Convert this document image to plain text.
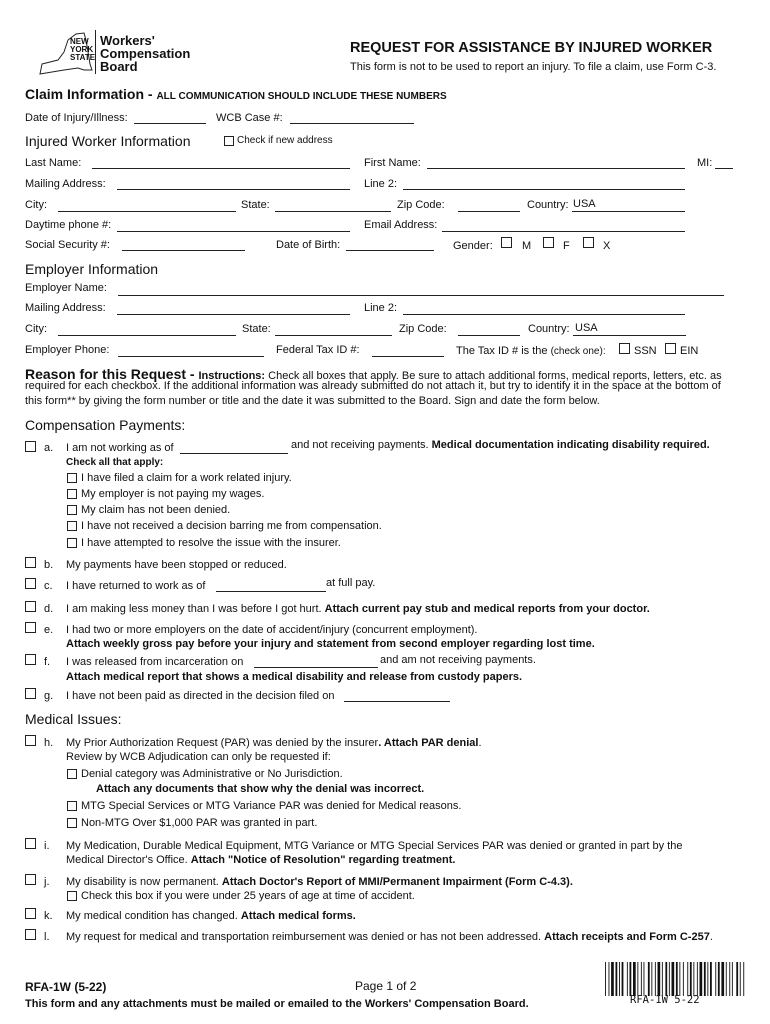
NEW
YORK
STATE
Workers'
Compensation
Board
REQUEST FOR ASSISTANCE BY INJURED WORKER
This form is not to be used to report an injury. To file a claim, use Form C-3.
Claim Information - ALL COMMUNICATION SHOULD INCLUDE THESE NUMBERS
Date of Injury/Illness:	WCB Case #:
Injured Worker Information	Check if new address
Last Name:	First Name:	MI:
Mailing Address:	Line 2:
City:	State:	Zip Code:	Country: USA
Daytime phone #:	Email Address:
Social Security #:	Date of Birth:	Gender:	M	F	X
Employer Information
Employer Name:
Mailing Address:	Line 2:
City:	State:	Zip Code:	Country: USA
Employer Phone:	Federal Tax ID #:	The Tax ID # is the (check one):	SSN EIN
Reason for this Request - Instructions: Check all boxes that apply. Be sure to attach additional forms, medical reports, letters, etc. as
required for each checkbox. If the additional information was already submitted do not attach it, but try to identify it in the space at the bottom of
this form** by giving the form number or title and the date it was submitted to the Board. Sign and date the form below.
Compensation Payments:
a. I am not working as of	and not receiving payments. Medical documentation indicating disability required.
Check all that apply:
I have filed a claim for a work related injury.
My employer is not paying my wages.
My claim has not been denied.
I have not received a decision barring me from compensation.
I have attempted to resolve the issue with the insurer.
b. My payments have been stopped or reduced.
c. I have returned to work as of	at full pay.
d. I am making less money than I was before I got hurt. Attach current pay stub and medical reports from your doctor.
e. I had two or more employers on the date of accident/injury (concurrent employment).
Attach weekly gross pay before your injury and statement from second employer regarding lost time.
f. I was released from incarceration on	and am not receiving payments.
Attach medical report that shows a medical disability and release from custody papers.
g. I have not been paid as directed in the decision filed on
Medical Issues:
h. My Prior Authorization Request (PAR) was denied by the insurer. Attach PAR denial.
Review by WCB Adjudication can only be requested if:
Denial category was Administrative or No Jurisdiction.
Attach any documents that show why the denial was incorrect.
MTG Special Services or MTG Variance PAR was denied for Medical reasons.
Non-MTG Over $1,000 PAR was granted in part.
i. My Medication, Durable Medical Equipment, MTG Variance or MTG Special Services PAR was denied or granted in part by the
Medical Director's Office. Attach "Notice of Resolution" regarding treatment.
j. My disability is now permanent. Attach Doctor's Report of MMI/Permanent Impairment (Form C-4.3).
Check this box if you were under 25 years of age at time of accident.
k. My medical condition has changed. Attach medical forms.
l. My request for medical and transportation reimbursement was denied or has not been addressed. Attach receipts and Form C-257.
RFA-1W (5-22)	Page 1 of 2
This form and any attachments must be mailed or emailed to the Workers' Compensation Board.	RFA-1W 5-22
